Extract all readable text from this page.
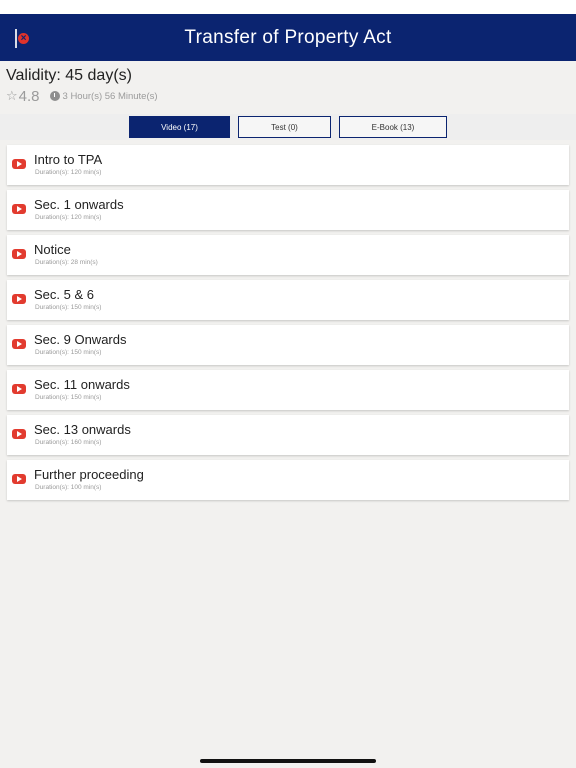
×	Transfer of Property Act
Validity: 45 day(s)
☆ 4.8 3 Hour(s) 56 Minute(s)
Video (17)	Test (0)	E-Book (13)
Intro to TPA
Duration(s): 120 min(s)
Sec. 1 onwards
Duration(s): 120 min(s)
Notice
Duration(s): 28 min(s)
Sec. 5 & 6
Duration(s): 150 min(s)
Sec. 9 Onwards
Duration(s): 150 min(s)
Sec. 11 onwards
Duration(s): 150 min(s)
Sec. 13 onwards
Duration(s): 160 min(s)
Further proceeding
Duration(s): 100 min(s)
